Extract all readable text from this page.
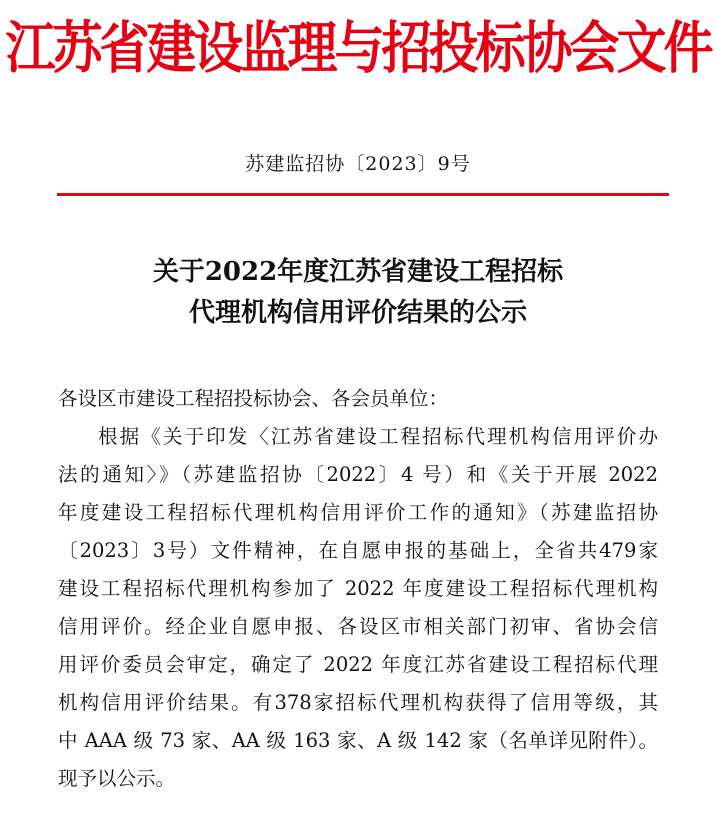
江苏省建设监理与招投标协会文件
苏建监招协〔2023〕9号
关于2022年度江苏省建设工程招标
代理机构信用评价结果的公示
各设区市建设工程招投标协会、各会员单位：
根据《关于印发〈江苏省建设工程招标代理机构信用评价办
法的通知〉》（苏建监招协〔2022〕4 号）和《关于开展 2022
年度建设工程招标代理机构信用评价工作的通知》（苏建监招协
〔2023〕3号）文件精神，在自愿申报的基础上，全省共479家
建设工程招标代理机构参加了 2022 年度建设工程招标代理机构
信用评价。经企业自愿申报、各设区市相关部门初审、省协会信
用评价委员会审定，确定了 2022 年度江苏省建设工程招标代理
机构信用评价结果。有378家招标代理机构获得了信用等级，其
中 AAA 级 73 家、AA 级 163 家、A 级 142 家（名单详见附件）。
现予以公示。
